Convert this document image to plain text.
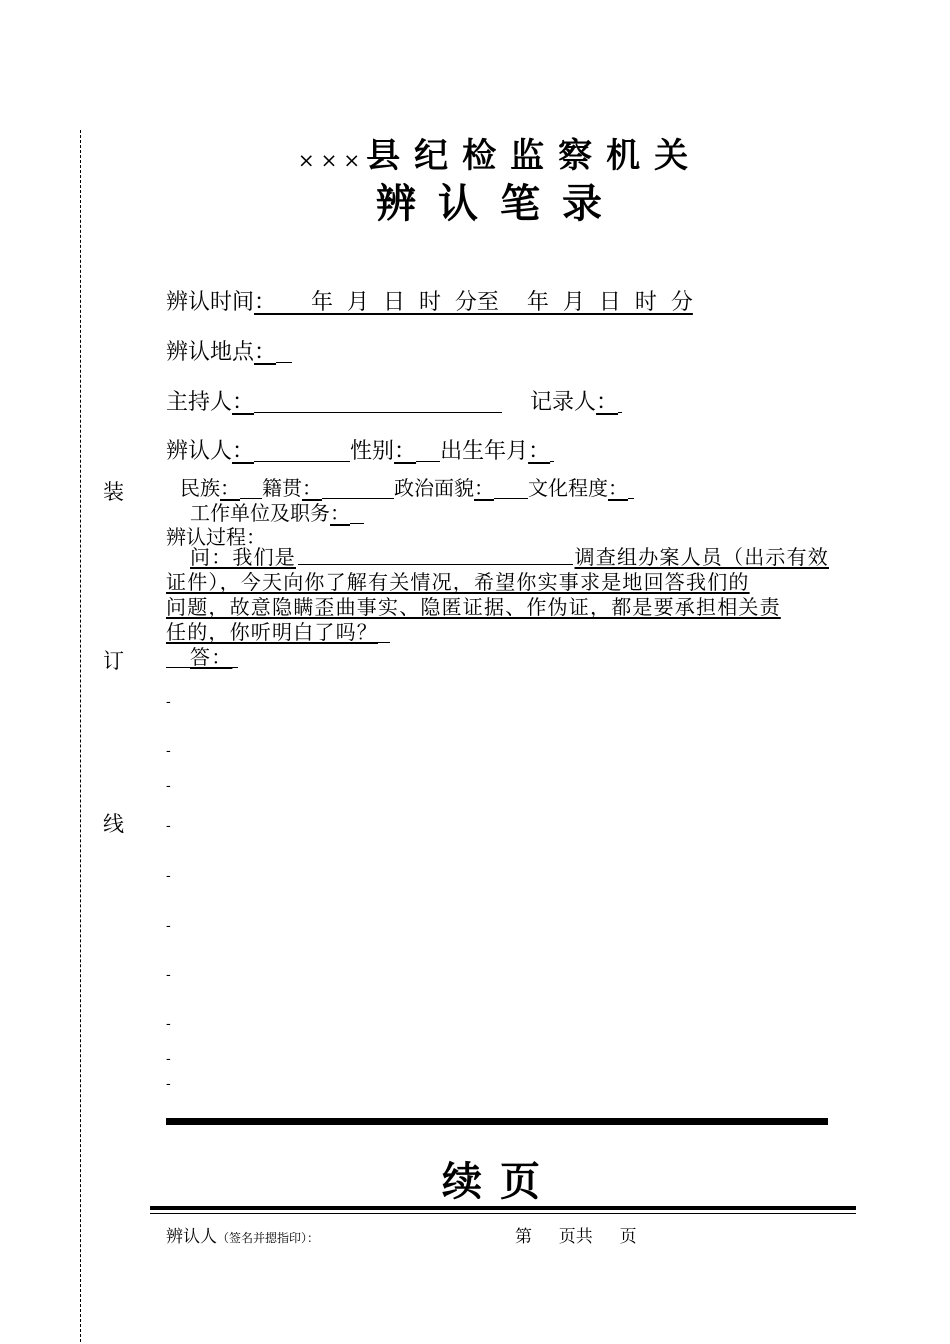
装
订
线
×××县纪检监察机关
辨认笔录
辨认时间：     年  月  日  时  分至    年  月  日  时  分
辨认地点：
主持人：	记录人：
辨认人：	性别： 出生年月：
民族： 籍贯：	政治面貌： 文化程度：
工作单位及职务：
辨认过程：
问：我们是	调查组办案人员（出示有效
证件），今天向你了解有关情况，希望你实事求是地回答我们的
问题，故意隐瞒歪曲事实、隐匿证据、作伪证，都是要承担相关责
任的，你听明白了吗？
答：
-
-
-
-
-
-
-
-
-
-
续页
辨认人（签名并摁指印）：	第  页共  页
